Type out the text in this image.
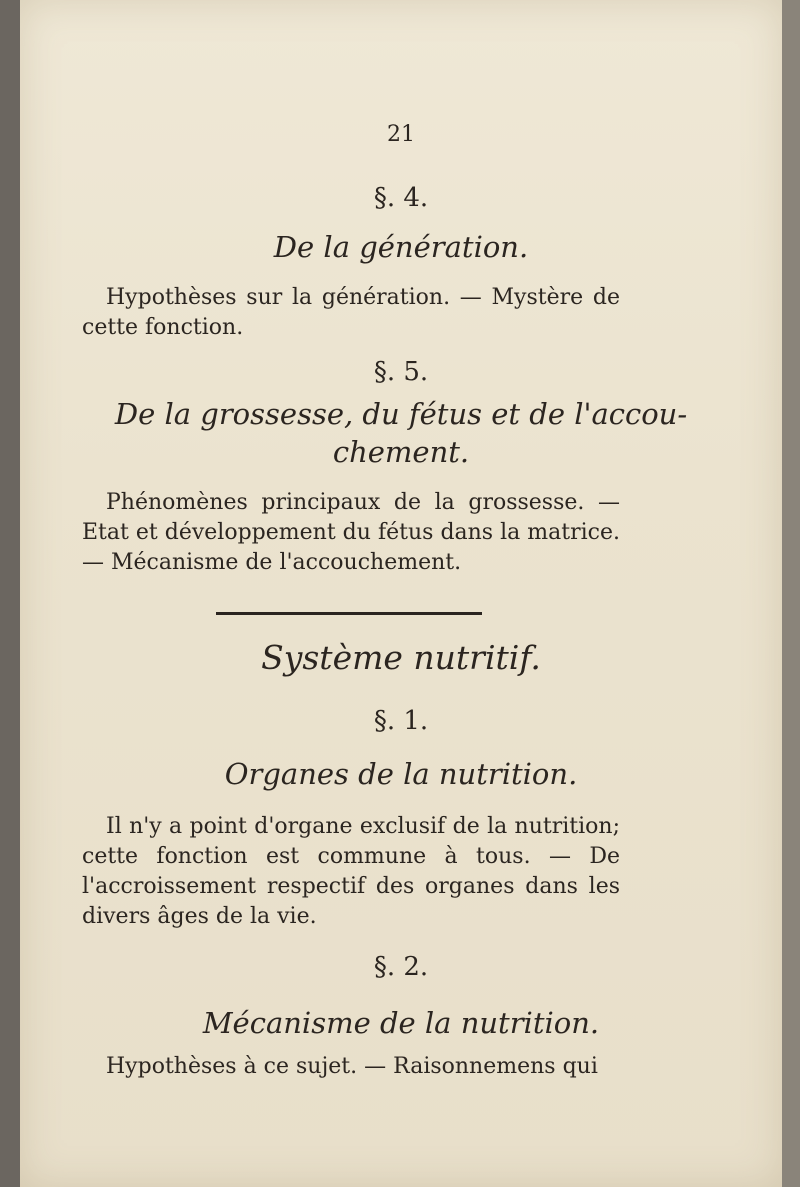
21
§. 4.
De la génération.
Hypothèses sur la génération. — Mystère de cette fonction.
§. 5.
De la grossesse, du fétus et de l'accou-
chement.
Phénomènes principaux de la grossesse. — Etat et développement du fétus dans la matrice. — Mécanisme de l'accouchement.
Système nutritif.
§. 1.
Organes de la nutrition.
Il n'y a point d'organe exclusif de la nutrition; cette fonction est commune à tous. — De l'accroissement respectif des organes dans les divers âges de la vie.
§. 2.
Mécanisme de la nutrition.
Hypothèses à ce sujet. — Raisonnemens qui
